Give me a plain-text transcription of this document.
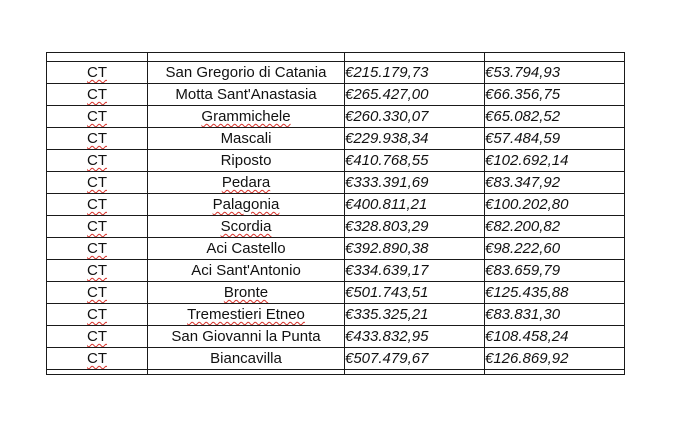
CT	San Gregorio di Catania	€215.179,73	€53.794,93
CT	Motta Sant'Anastasia	€265.427,00	€66.356,75
CT	Grammichele	€260.330,07	€65.082,52
CT	Mascali	€229.938,34	€57.484,59
CT	Riposto	€410.768,55	€102.692,14
CT	Pedara	€333.391,69	€83.347,92
CT	Palagonia	€400.811,21	€100.202,80
CT	Scordia	€328.803,29	€82.200,82
CT	Aci Castello	€392.890,38	€98.222,60
CT	Aci Sant'Antonio	€334.639,17	€83.659,79
CT	Bronte	€501.743,51	€125.435,88
CT	Tremestieri Etneo	€335.325,21	€83.831,30
CT	San Giovanni la Punta	€433.832,95	€108.458,24
CT	Biancavilla	€507.479,67	€126.869,92
